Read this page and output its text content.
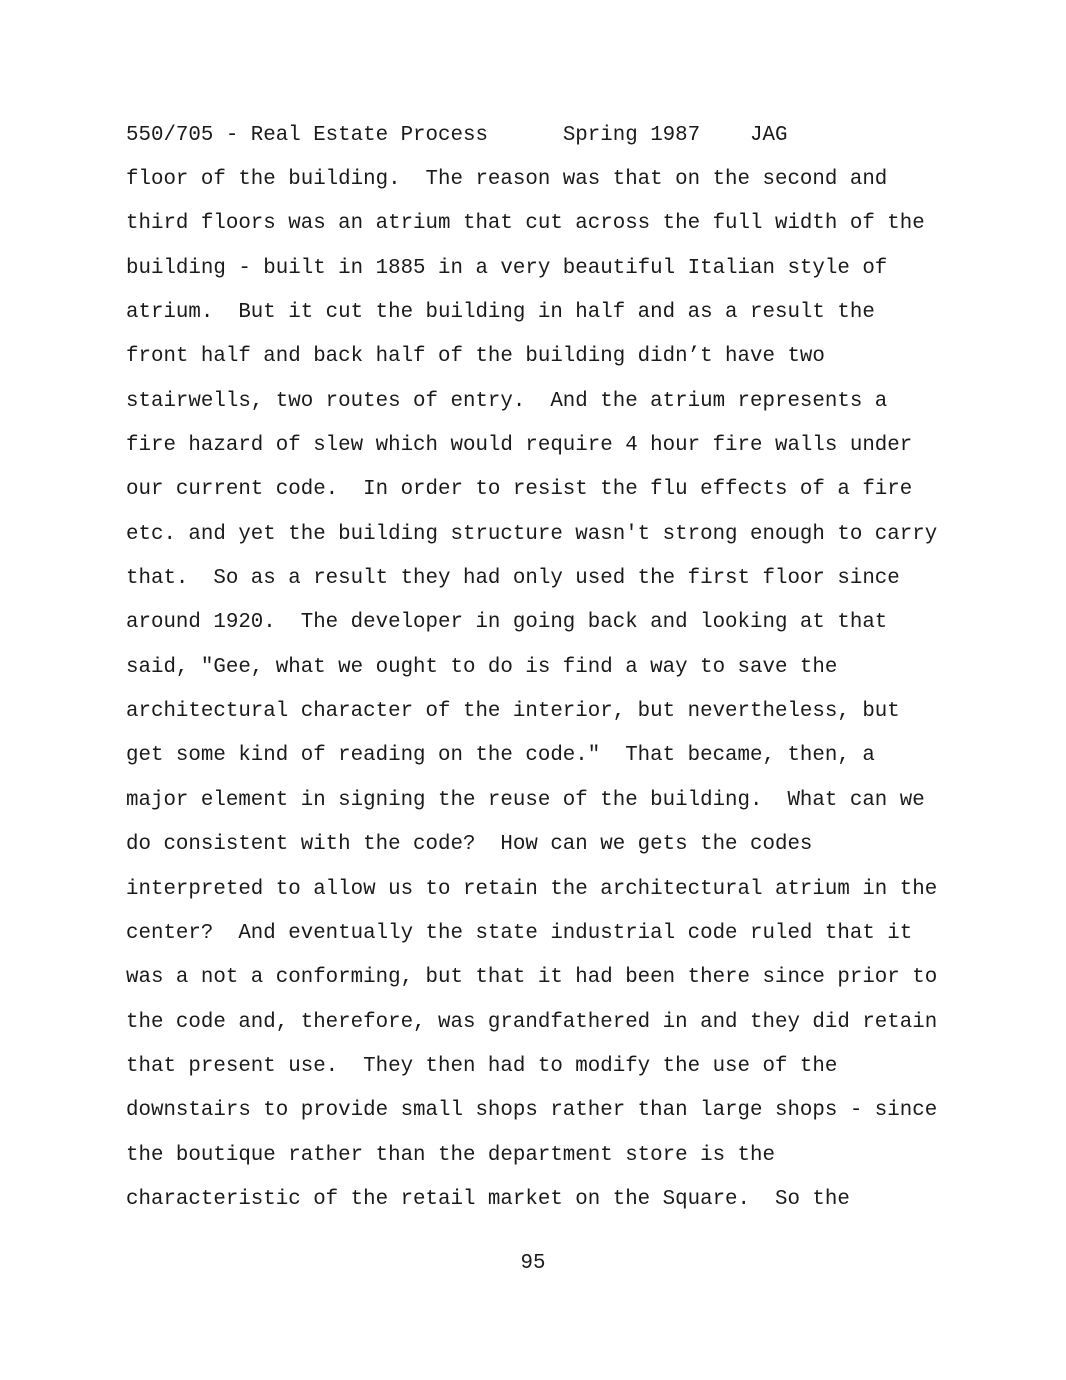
550/705 - Real Estate Process	Spring 1987 JAG
floor of the building.  The reason was that on the second and
third floors was an atrium that cut across the full width of the
building - built in 1885 in a very beautiful Italian style of
atrium.  But it cut the building in half and as a result the
front half and back half of the building didn’t have two
stairwells, two routes of entry.  And the atrium represents a
fire hazard of slew which would require 4 hour fire walls under
our current code.  In order to resist the flu effects of a fire
etc. and yet the building structure wasn't strong enough to carry
that.  So as a result they had only used the first floor since
around 1920.  The developer in going back and looking at that
said, "Gee, what we ought to do is find a way to save the
architectural character of the interior, but nevertheless, but
get some kind of reading on the code."  That became, then, a
major element in signing the reuse of the building.  What can we
do consistent with the code?  How can we gets the codes
interpreted to allow us to retain the architectural atrium in the
center?  And eventually the state industrial code ruled that it
was a not a conforming, but that it had been there since prior to
the code and, therefore, was grandfathered in and they did retain
that present use.  They then had to modify the use of the
downstairs to provide small shops rather than large shops - since
the boutique rather than the department store is the
characteristic of the retail market on the Square.  So the
95
